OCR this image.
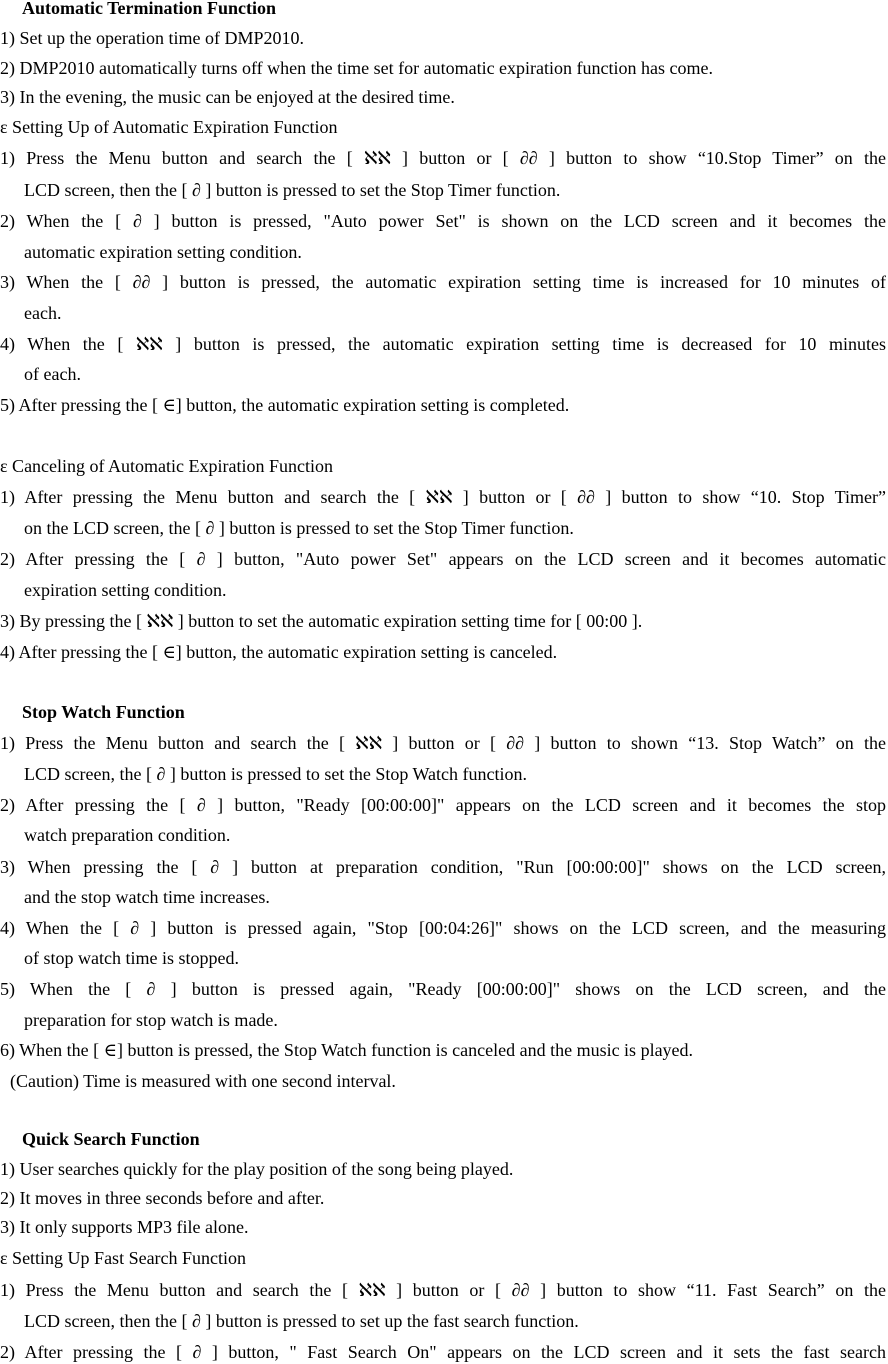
Automatic Termination Function
1) Set up the operation time of DMP2010.
2) DMP2010 automatically turns off when the time set for automatic expiration function has come.
3) In the evening, the music can be enjoyed at the desired time.
ε Setting Up of Automatic Expiration Function
1) Press the Menu button and search the [ ℵℵ ] button or [ ∂∂ ] button to show “10.Stop Timer” on the
LCD screen, then the [ ∂ ] button is pressed to set the Stop Timer function.
2) When the [ ∂ ] button is pressed, "Auto power Set" is shown on the LCD screen and it becomes the
automatic expiration setting condition.
3) When the [ ∂∂ ] button is pressed, the automatic expiration setting time is increased for 10 minutes of
each.
4) When the [ ℵℵ ] button is pressed, the automatic expiration setting time is decreased for 10 minutes
of each.
5) After pressing the [ ∈] button, the automatic expiration setting is completed.
ε Canceling of Automatic Expiration Function
1) After pressing the Menu button and search the [ ℵℵ ] button or [ ∂∂ ] button to show “10. Stop Timer”
on the LCD screen, the [ ∂ ] button is pressed to set the Stop Timer function.
2) After pressing the [ ∂ ] button, "Auto power Set" appears on the LCD screen and it becomes automatic
expiration setting condition.
3) By pressing the [ ℵℵ ] button to set the automatic expiration setting time for [ 00:00 ].
4) After pressing the [ ∈] button, the automatic expiration setting is canceled.
Stop Watch Function
1) Press the Menu button and search the [ ℵℵ ] button or [ ∂∂ ] button to shown “13. Stop Watch” on the
LCD screen, the [ ∂ ] button is pressed to set the Stop Watch function.
2) After pressing the [ ∂ ] button, "Ready [00:00:00]" appears on the LCD screen and it becomes the stop
watch preparation condition.
3) When pressing the [ ∂ ] button at preparation condition, "Run [00:00:00]" shows on the LCD screen,
and the stop watch time increases.
4) When the [ ∂ ] button is pressed again, "Stop [00:04:26]" shows on the LCD screen, and the measuring
of stop watch time is stopped.
5) When the [ ∂ ] button is pressed again, "Ready [00:00:00]" shows on the LCD screen, and the
preparation for stop watch is made.
6) When the [ ∈] button is pressed, the Stop Watch function is canceled and the music is played.
(Caution) Time is measured with one second interval.
Quick Search Function
1) User searches quickly for the play position of the song being played.
2) It moves in three seconds before and after.
3) It only supports MP3 file alone.
ε Setting Up Fast Search Function
1) Press the Menu button and search the [ ℵℵ ] button or [ ∂∂ ] button to show “11. Fast Search” on the
LCD screen, then the [ ∂ ] button is pressed to set up the fast search function.
2) After pressing the [ ∂ ] button, " Fast Search On" appears on the LCD screen and it sets the fast search
